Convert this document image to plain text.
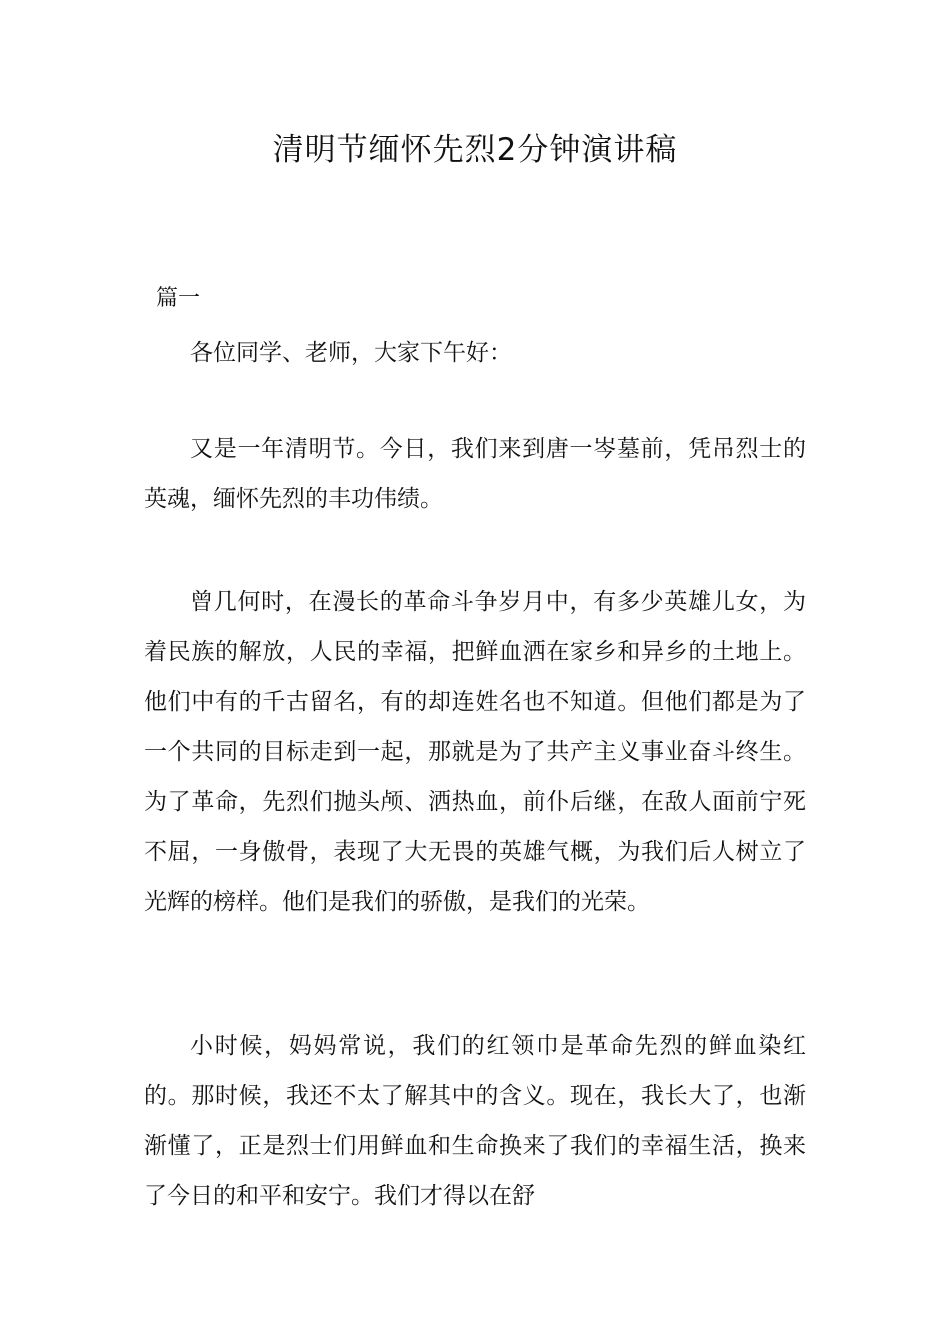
清明节缅怀先烈2分钟演讲稿
篇一

各位同学、老师，大家下午好：

又是一年清明节。今日，我们来到唐一岑墓前，凭吊烈士的英魂，缅怀先烈的丰功伟绩。

曾几何时，在漫长的革命斗争岁月中，有多少英雄儿女，为着民族的解放，人民的幸福，把鲜血洒在家乡和异乡的土地上。他们中有的千古留名，有的却连姓名也不知道。但他们都是为了一个共同的目标走到一起，那就是为了共产主义事业奋斗终生。为了革命，先烈们抛头颅、洒热血，前仆后继，在敌人面前宁死不屈，一身傲骨，表现了大无畏的英雄气概，为我们后人树立了光辉的榜样。他们是我们的骄傲，是我们的光荣。

小时候，妈妈常说，我们的红领巾是革命先烈的鲜血染红的。那时候，我还不太了解其中的含义。现在，我长大了，也渐渐懂了，正是烈士们用鲜血和生命换来了我们的幸福生活，换来了今日的和平和安宁。我们才得以在舒
